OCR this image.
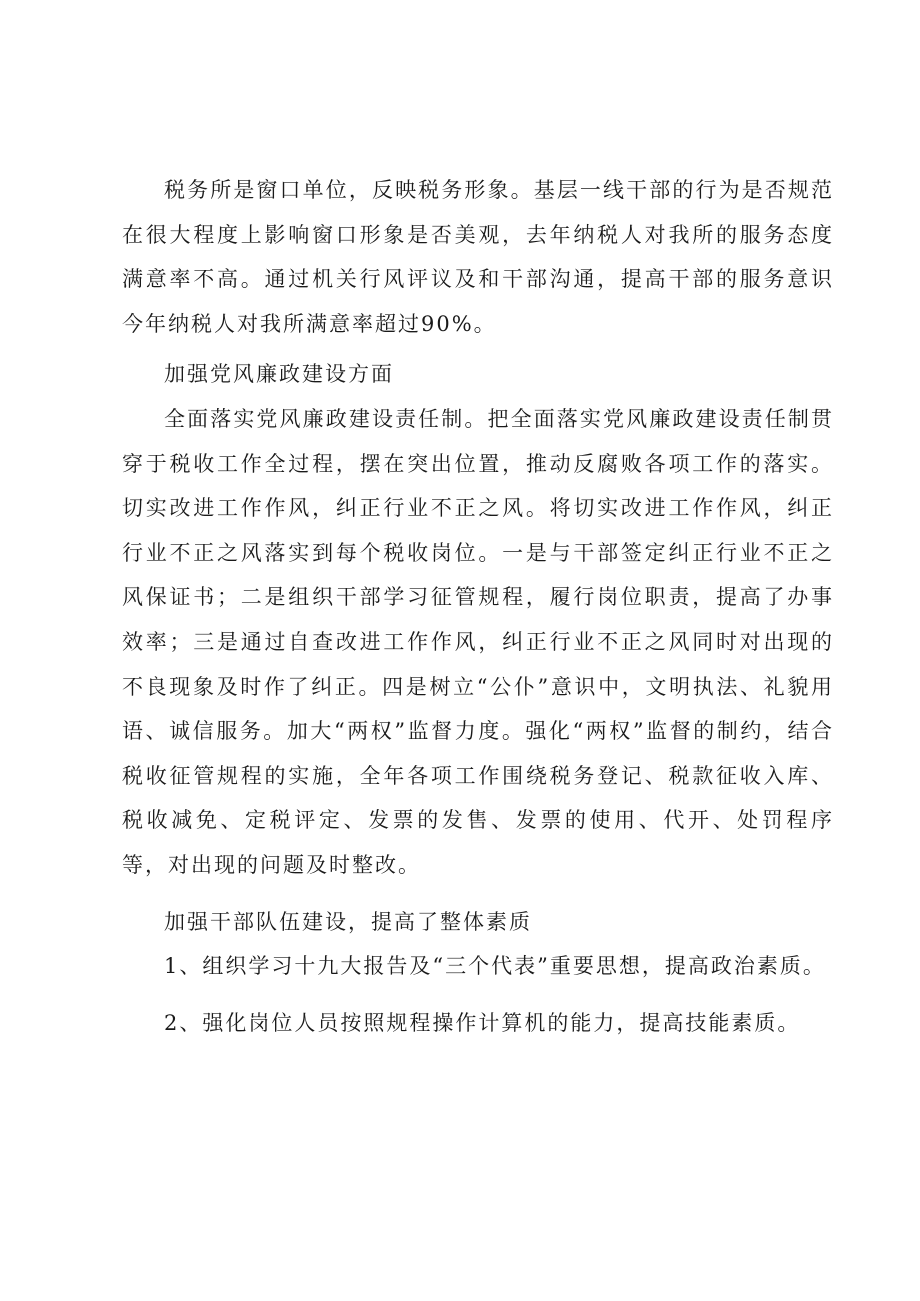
税务所是窗口单位，反映税务形象。基层一线干部的行为是否规范在很大程度上影响窗口形象是否美观，去年纳税人对我所的服务态度满意率不高。通过机关行风评议及和干部沟通，提高干部的服务意识今年纳税人对我所满意率超过90%。

加强党风廉政建设方面

全面落实党风廉政建设责任制。把全面落实党风廉政建设责任制贯穿于税收工作全过程，摆在突出位置，推动反腐败各项工作的落实。切实改进工作作风，纠正行业不正之风。将切实改进工作作风，纠正行业不正之风落实到每个税收岗位。一是与干部签定纠正行业不正之风保证书；二是组织干部学习征管规程，履行岗位职责，提高了办事效率；三是通过自查改进工作作风，纠正行业不正之风同时对出现的不良现象及时作了纠正。四是树立“公仆”意识中，文明执法、礼貌用语、诚信服务。加大“两权”监督力度。强化“两权”监督的制约，结合税收征管规程的实施，全年各项工作围绕税务登记、税款征收入库、税收减免、定税评定、发票的发售、发票的使用、代开、处罚程序等，对出现的问题及时整改。

加强干部队伍建设，提高了整体素质

1、组织学习十九大报告及“三个代表”重要思想，提高政治素质。

2、强化岗位人员按照规程操作计算机的能力，提高技能素质。
